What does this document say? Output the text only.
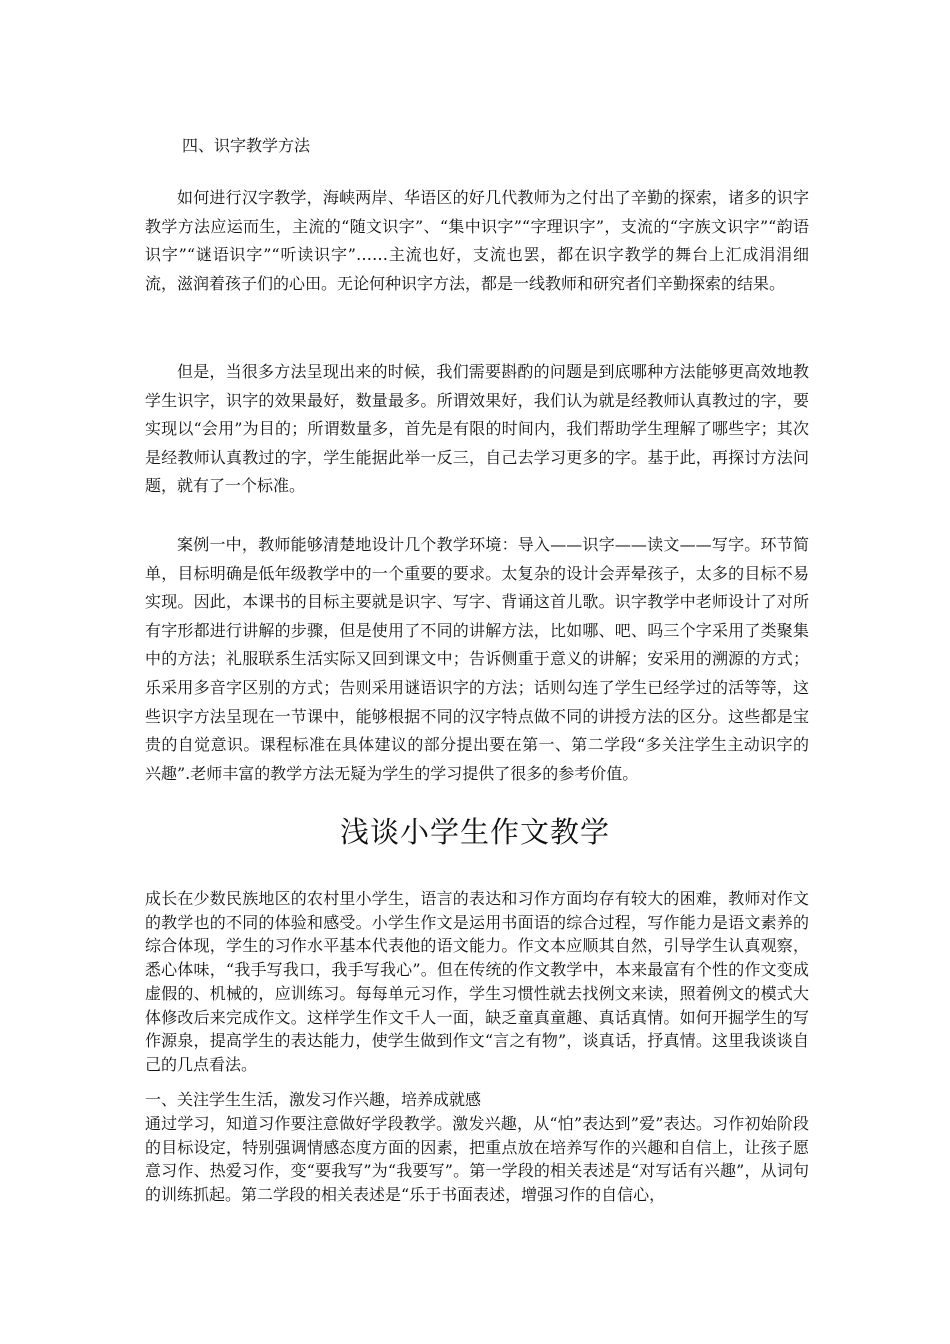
四、识字教学方法

如何进行汉字教学，海峡两岸、华语区的好几代教师为之付出了辛勤的探索，诸多的识字教学方法应运而生，主流的“随文识字”、“集中识字”“字理识字”，支流的“字族文识字”“韵语识字”“谜语识字”“听读识字”……主流也好，支流也罢，都在识字教学的舞台上汇成涓涓细流，滋润着孩子们的心田。无论何种识字方法，都是一线教师和研究者们辛勤探索的结果。

但是，当很多方法呈现出来的时候，我们需要斟酌的问题是到底哪种方法能够更高效地教学生识字，识字的效果最好，数量最多。所谓效果好，我们认为就是经教师认真教过的字，要实现以“会用”为目的；所谓数量多，首先是有限的时间内，我们帮助学生理解了哪些字；其次是经教师认真教过的字，学生能据此举一反三，自己去学习更多的字。基于此，再探讨方法问题，就有了一个标准。

案例一中，教师能够清楚地设计几个教学环境：导入——识字——读文——写字。环节简单，目标明确是低年级教学中的一个重要的要求。太复杂的设计会弄晕孩子，太多的目标不易实现。因此，本课书的目标主要就是识字、写字、背诵这首儿歌。识字教学中老师设计了对所有字形都进行讲解的步骤，但是使用了不同的讲解方法，比如哪、吧、吗三个字采用了类聚集中的方法；礼服联系生活实际又回到课文中；告诉侧重于意义的讲解；安采用的溯源的方式；乐采用多音字区别的方式；告则采用谜语识字的方法；话则勾连了学生已经学过的活等等，这些识字方法呈现在一节课中，能够根据不同的汉字特点做不同的讲授方法的区分。这些都是宝贵的自觉意识。课程标准在具体建议的部分提出要在第一、第二学段“多关注学生主动识字的兴趣”.老师丰富的教学方法无疑为学生的学习提供了很多的参考价值。

浅谈小学生作文教学

成长在少数民族地区的农村里小学生，语言的表达和习作方面均存有较大的困难，教师对作文的教学也的不同的体验和感受。小学生作文是运用书面语的综合过程，写作能力是语文素养的综合体现，学生的习作水平基本代表他的语文能力。作文本应顺其自然，引导学生认真观察，悉心体味，“我手写我口，我手写我心”。但在传统的作文教学中，本来最富有个性的作文变成虚假的、机械的，应训练习。每每单元习作，学生习惯性就去找例文来读，照着例文的模式大体修改后来完成作文。这样学生作文千人一面，缺乏童真童趣、真话真情。如何开掘学生的写作源泉，提高学生的表达能力，使学生做到作文“言之有物”，谈真话，抒真情。这里我谈谈自己的几点看法。

一、关注学生生活，激发习作兴趣，培养成就感

通过学习，知道习作要注意做好学段教学。激发兴趣，从“怕”表达到”爱”表达。习作初始阶段的目标设定，特别强调情感态度方面的因素，把重点放在培养写作的兴趣和自信上，让孩子愿意习作、热爱习作，变“要我写”为“我要写”。第一学段的相关表述是“对写话有兴趣”，从词句的训练抓起。第二学段的相关表述是“乐于书面表述，增强习作的自信心，
